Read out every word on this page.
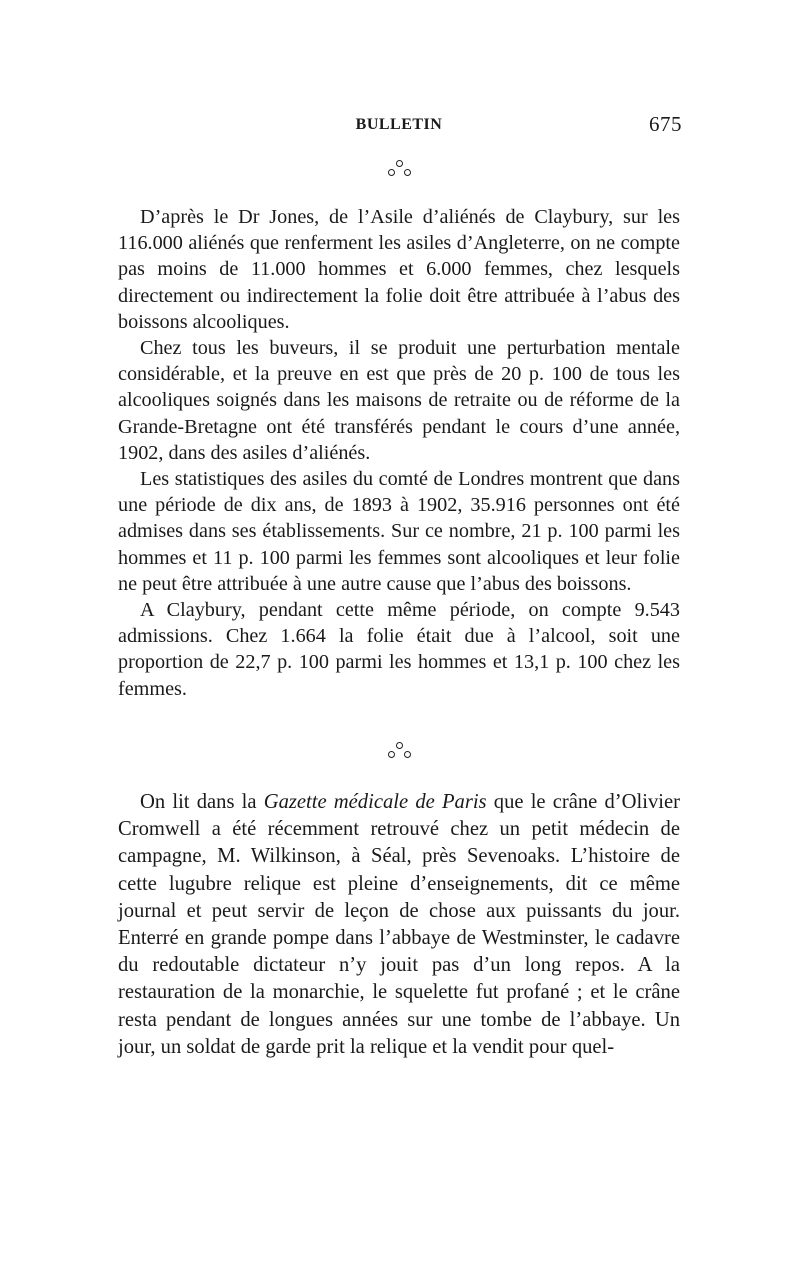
BULLETIN	675

D’après le Dr Jones, de l’Asile d’aliénés de Claybury, sur les 116.000 aliénés que renferment les asiles d’Angleterre, on ne compte pas moins de 11.000 hommes et 6.000 femmes, chez lesquels directement ou indirectement la folie doit être attribuée à l’abus des boissons alcooliques.

Chez tous les buveurs, il se produit une perturbation mentale considérable, et la preuve en est que près de 20 p. 100 de tous les alcooliques soignés dans les maisons de retraite ou de réforme de la Grande-Bretagne ont été transférés pendant le cours d’une année, 1902, dans des asiles d’aliénés.

Les statistiques des asiles du comté de Londres montrent que dans une période de dix ans, de 1893 à 1902, 35.916 personnes ont été admises dans ses établissements. Sur ce nombre, 21 p. 100 parmi les hommes et 11 p. 100 parmi les femmes sont alcooliques et leur folie ne peut être attribuée à une autre cause que l’abus des boissons.

A Claybury, pendant cette même période, on compte 9.543 admissions. Chez 1.664 la folie était due à l’alcool, soit une proportion de 22,7 p. 100 parmi les hommes et 13,1 p. 100 chez les femmes.

On lit dans la Gazette médicale de Paris que le crâne d’Olivier Cromwell a été récemment retrouvé chez un petit médecin de campagne, M. Wilkinson, à Séal, près Sevenoaks. L’histoire de cette lugubre relique est pleine d’enseignements, dit ce même journal et peut servir de leçon de chose aux puissants du jour. Enterré en grande pompe dans l’abbaye de Westminster, le cadavre du redoutable dictateur n’y jouit pas d’un long repos. A la restauration de la monarchie, le squelette fut profané ; et le crâne resta pendant de longues années sur une tombe de l’abbaye. Un jour, un soldat de garde prit la relique et la vendit pour quel-
